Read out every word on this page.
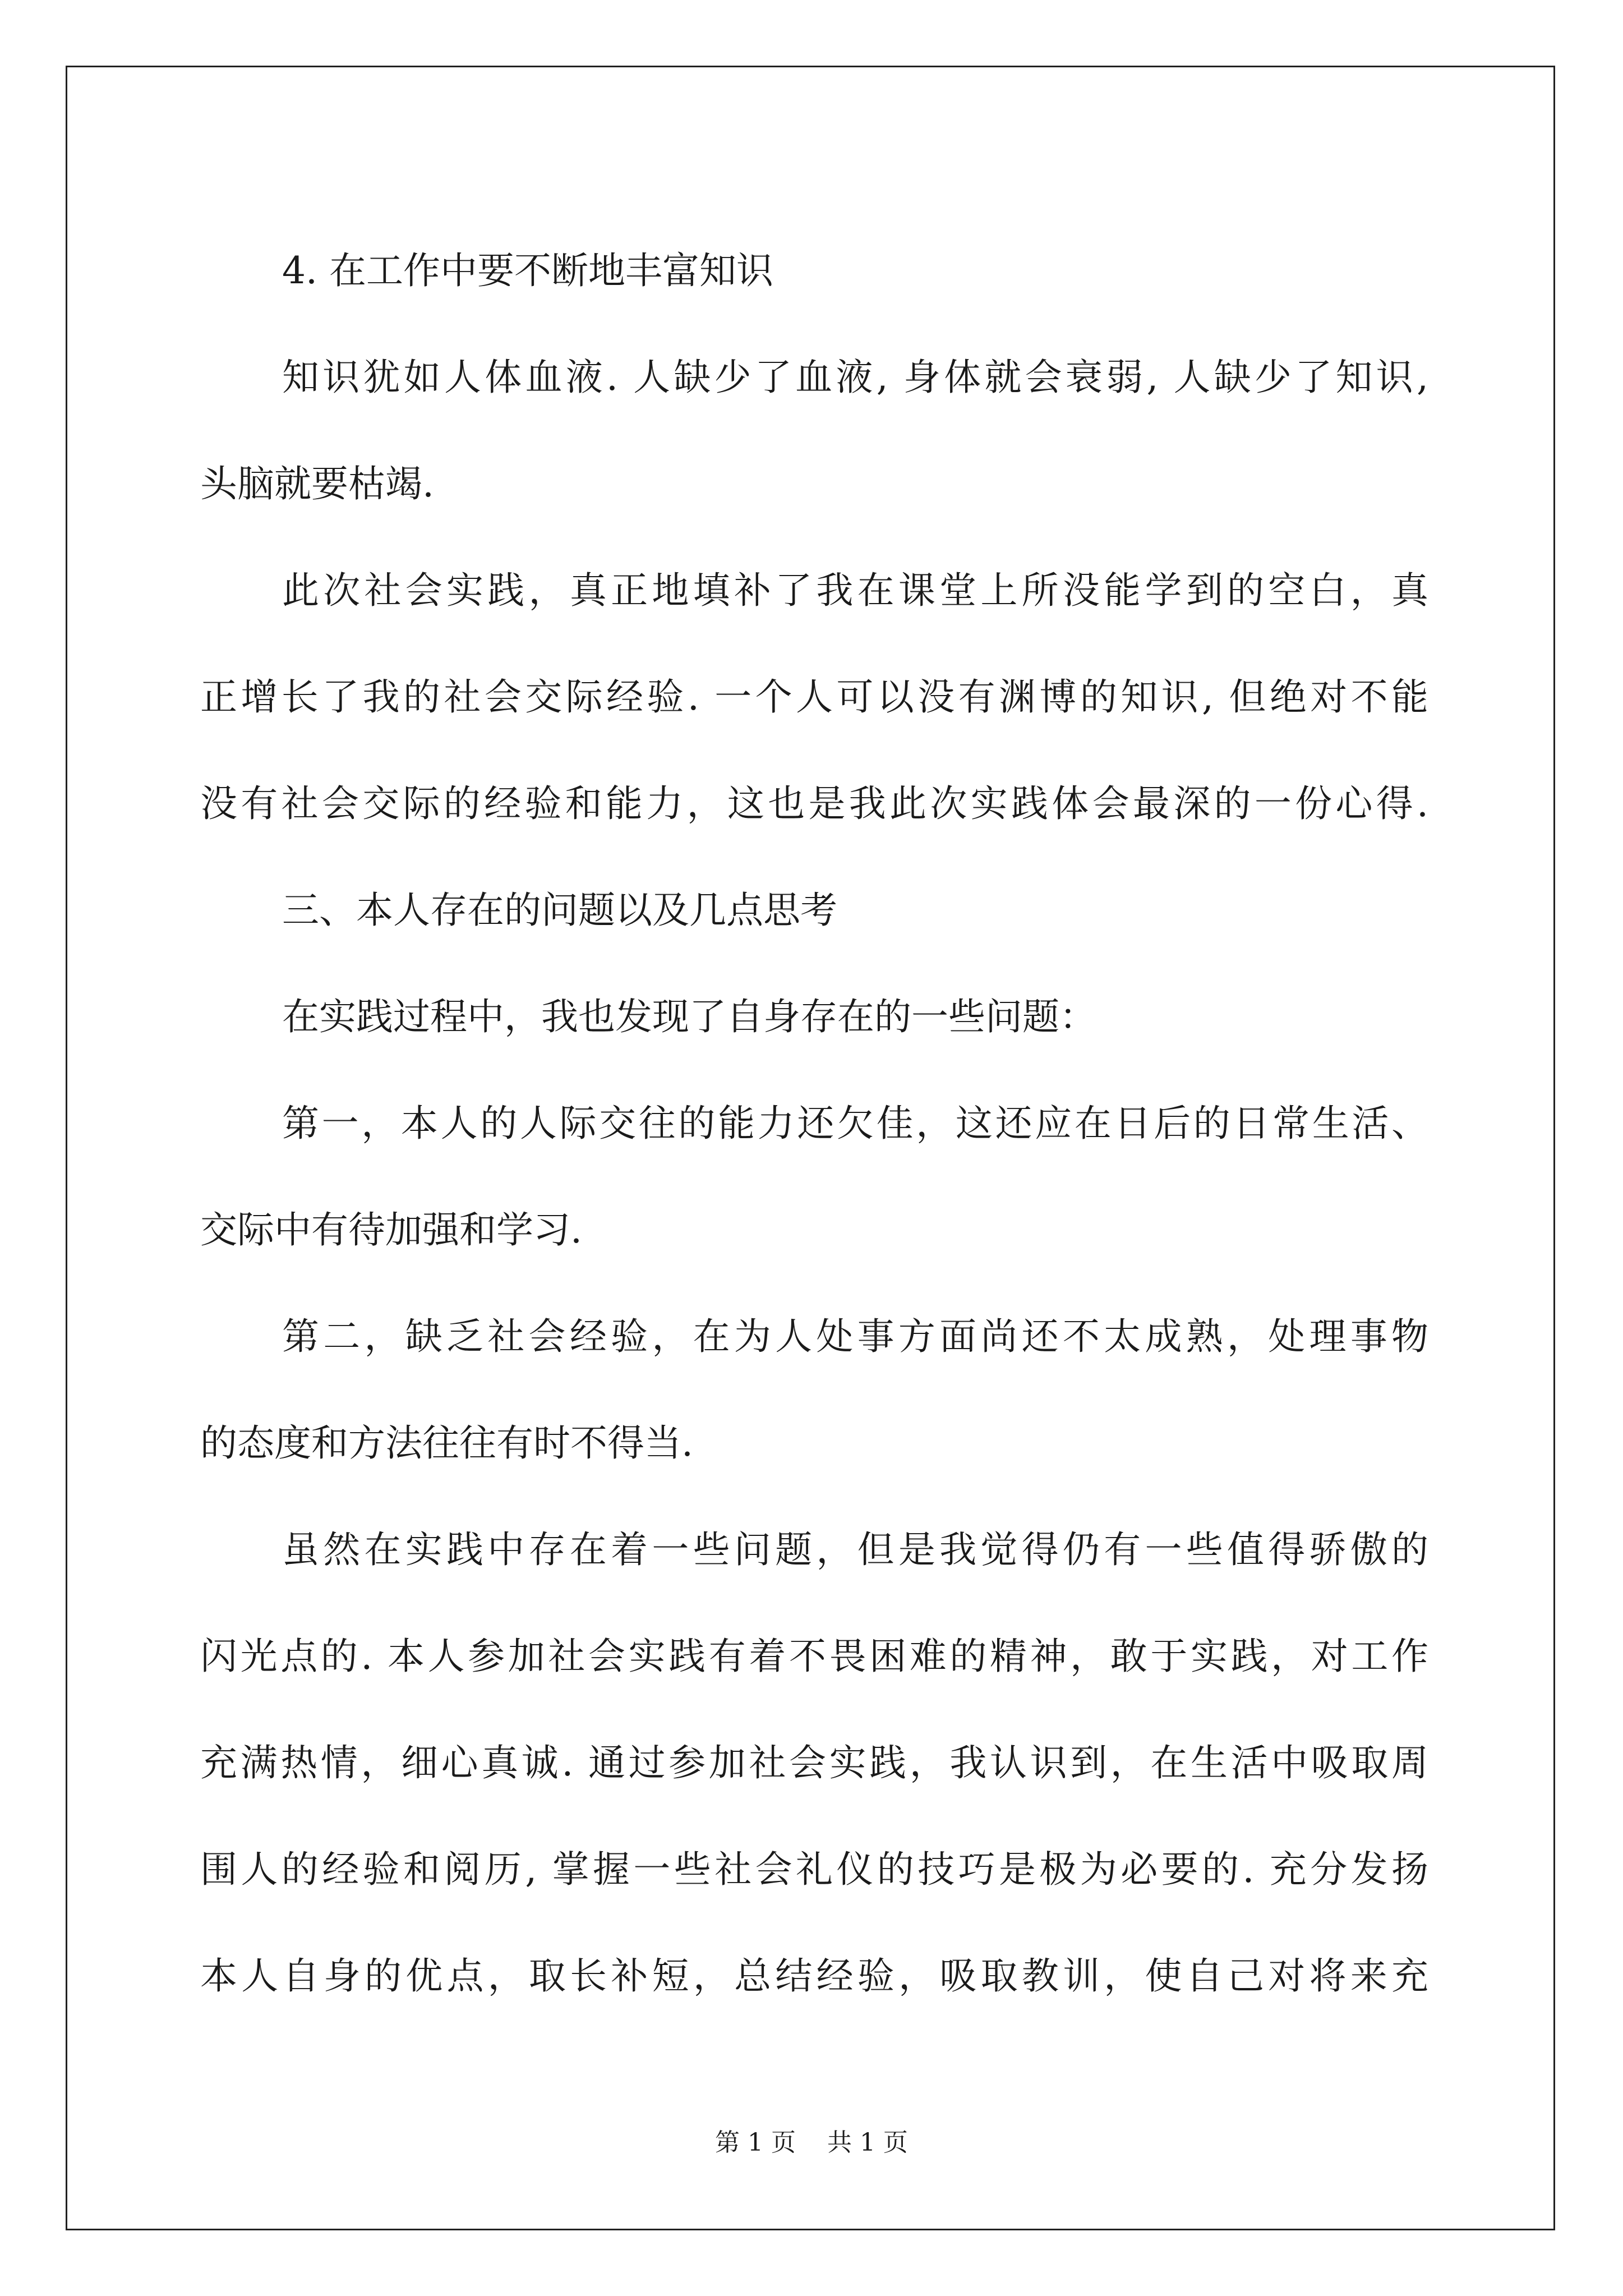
4. 在工作中要不断地丰富知识
知识犹如人体血液. 人缺少了血液, 身体就会衰弱, 人缺少了知识,
头脑就要枯竭.
此次社会实践，真正地填补了我在课堂上所没能学到的空白，真
正增长了我的社会交际经验. 一个人可以没有渊博的知识, 但绝对不能
没有社会交际的经验和能力，这也是我此次实践体会最深的一份心得.
三、本人存在的问题以及几点思考
在实践过程中，我也发现了自身存在的一些问题：
第一，本人的人际交往的能力还欠佳，这还应在日后的日常生活、
交际中有待加强和学习.
第二，缺乏社会经验，在为人处事方面尚还不太成熟，处理事物
的态度和方法往往有时不得当.
虽然在实践中存在着一些问题，但是我觉得仍有一些值得骄傲的
闪光点的. 本人参加社会实践有着不畏困难的精神，敢于实践，对工作
充满热情，细心真诚. 通过参加社会实践，我认识到，在生活中吸取周
围人的经验和阅历, 掌握一些社会礼仪的技巧是极为必要的. 充分发扬
本人自身的优点，取长补短，总结经验，吸取教训，使自己对将来充
第 1 页    共 1 页
